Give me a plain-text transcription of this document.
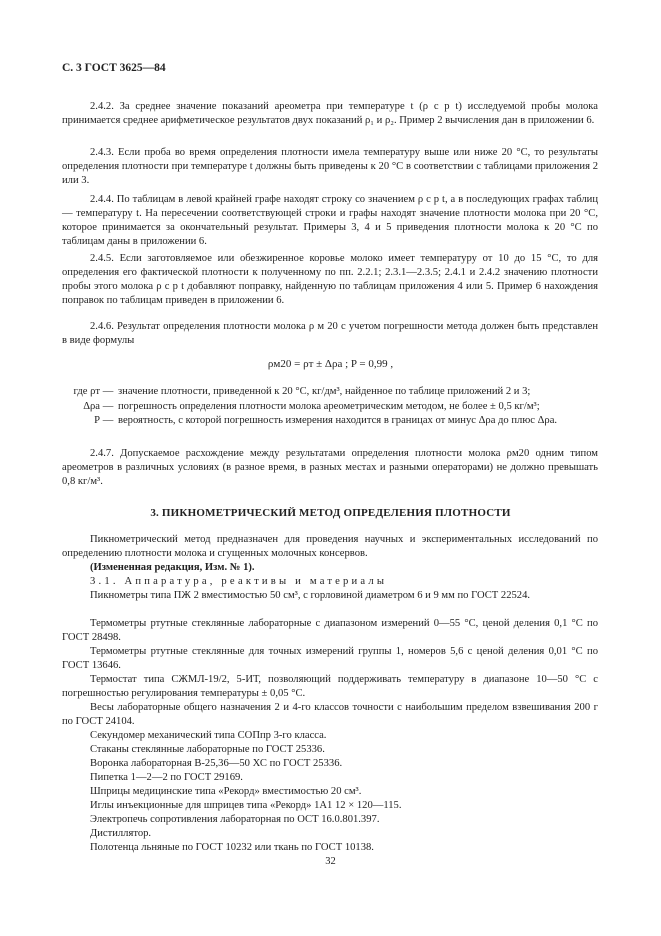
С. 3 ГОСТ 3625—84
2.4.2. За среднее значение показаний ареометра при температуре t (ρ с р t) исследуемой пробы молока принимается среднее арифметическое результатов двух показаний ρ₁ и ρ₂. Пример 2 вычисления дан в приложении 6.
2.4.3. Если проба во время определения плотности имела температуру выше или ниже 20 °С, то результаты определения плотности при температуре t должны быть приведены к 20 °С в соответствии с таблицами приложения 2 или 3.
2.4.4. По таблицам в левой крайней графе находят строку со значением ρ с р t, а в последующих графах таблиц — температуру t. На пересечении соответствующей строки и графы находят значение плотности молока при 20 °С, которое принимается за окончательный результат. Примеры 3, 4 и 5 приведения плотности молока к 20 °С по таблицам даны в приложении 6.
2.4.5. Если заготовляемое или обезжиренное коровье молоко имеет температуру от 10 до 15 °С, то для определения его фактической плотности к полученному по пп. 2.2.1; 2.3.1—2.3.5; 2.4.1 и 2.4.2 значению плотности пробы этого молока ρ с р t добавляют поправку, найденную по таблицам приложения 4 или 5. Пример 6 нахождения поправок по таблицам приведен в приложении 6.
2.4.6. Результат определения плотности молока ρ м 20 с учетом погрешности метода должен быть представлен в виде формулы
ρм20 = ρт ± Δρа ; P = 0,99 ,
где ρт — значение плотности, приведенной к 20 °С, кг/дм³, найденное по таблице приложений 2 и 3;
Δρа — погрешность определения плотности молока ареометрическим методом, не более ± 0,5 кг/м³;
P — вероятность, с которой погрешность измерения находится в границах от минус Δρа до плюс Δρа.
2.4.7. Допускаемое расхождение между результатами определения плотности молока ρм20 одним типом ареометров в различных условиях (в разное время, в разных местах и разными операторами) не должно превышать 0,8 кг/м³.
3. ПИКНОМЕТРИЧЕСКИЙ МЕТОД ОПРЕДЕЛЕНИЯ ПЛОТНОСТИ
Пикнометрический метод предназначен для проведения научных и экспериментальных исследований по определению плотности молока и сгущенных молочных консервов.
(Измененная редакция, Изм. № 1).
3.1. Аппаратура, реактивы и материалы
Пикнометры типа ПЖ 2 вместимостью 50 см³, с горловиной диаметром 6 и 9 мм по ГОСТ 22524.
Термометры ртутные стеклянные лабораторные с диапазоном измерений 0—55 °С, ценой деления 0,1 °С по ГОСТ 28498.
Термометры ртутные стеклянные для точных измерений группы 1, номеров 5,6 с ценой деления 0,01 °С по ГОСТ 13646.
Термостат типа СЖМЛ-19/2, 5-ИТ, позволяющий поддерживать температуру в диапазоне 10—50 °С с погрешностью регулирования температуры ± 0,05 °С.
Весы лабораторные общего назначения 2 и 4-го классов точности с наибольшим пределом взвешивания 200 г по ГОСТ 24104.
Секундомер механический типа СОПпр 3-го класса.
Стаканы стеклянные лабораторные по ГОСТ 25336.
Воронка лабораторная В-25,36—50 ХС по ГОСТ 25336.
Пипетка 1—2—2 по ГОСТ 29169.
Шприцы медицинские типа «Рекорд» вместимостью 20 см³.
Иглы инъекционные для шприцев типа «Рекорд» 1А1 12 × 120—115.
Электропечь сопротивления лабораторная по ОСТ 16.0.801.397.
Дистиллятор.
Полотенца льняные по ГОСТ 10232 или ткань по ГОСТ 10138.
32
